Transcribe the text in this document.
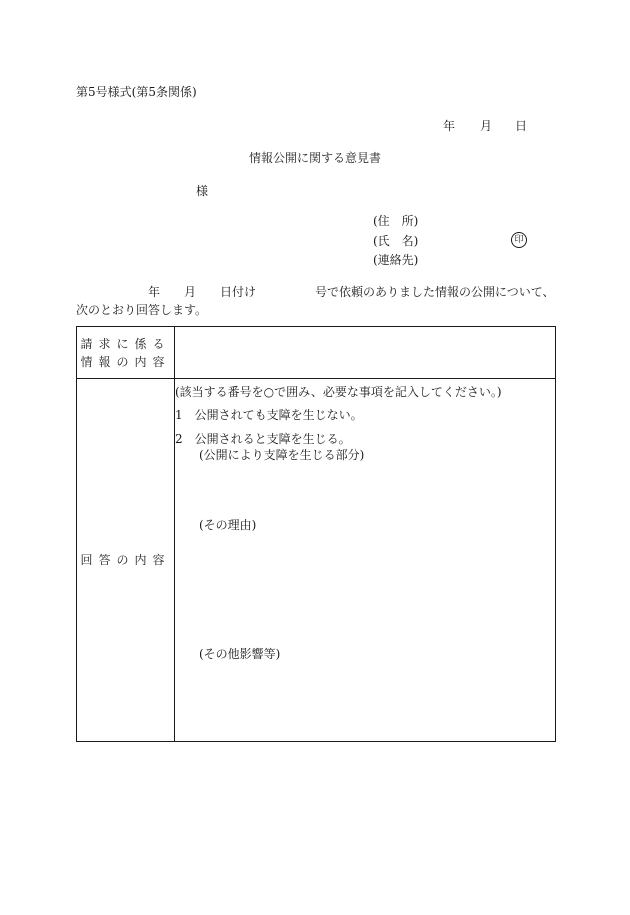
第5号様式(第5条関係)
年 月 日
情報公開に関する意見書
様
(住　所)
(氏　名)	印
(連絡先)
年 月 日付け	号で依頼のありました情報の公開について、
次のとおり回答します。
請求に係る
情報の内容
回答の内容
(該当する番号を○で囲み、必要な事項を記入してください。)
1　公開されても支障を生じない。
2　公開されると支障を生じる。
(公開により支障を生じる部分)
(その理由)
(その他影響等)
